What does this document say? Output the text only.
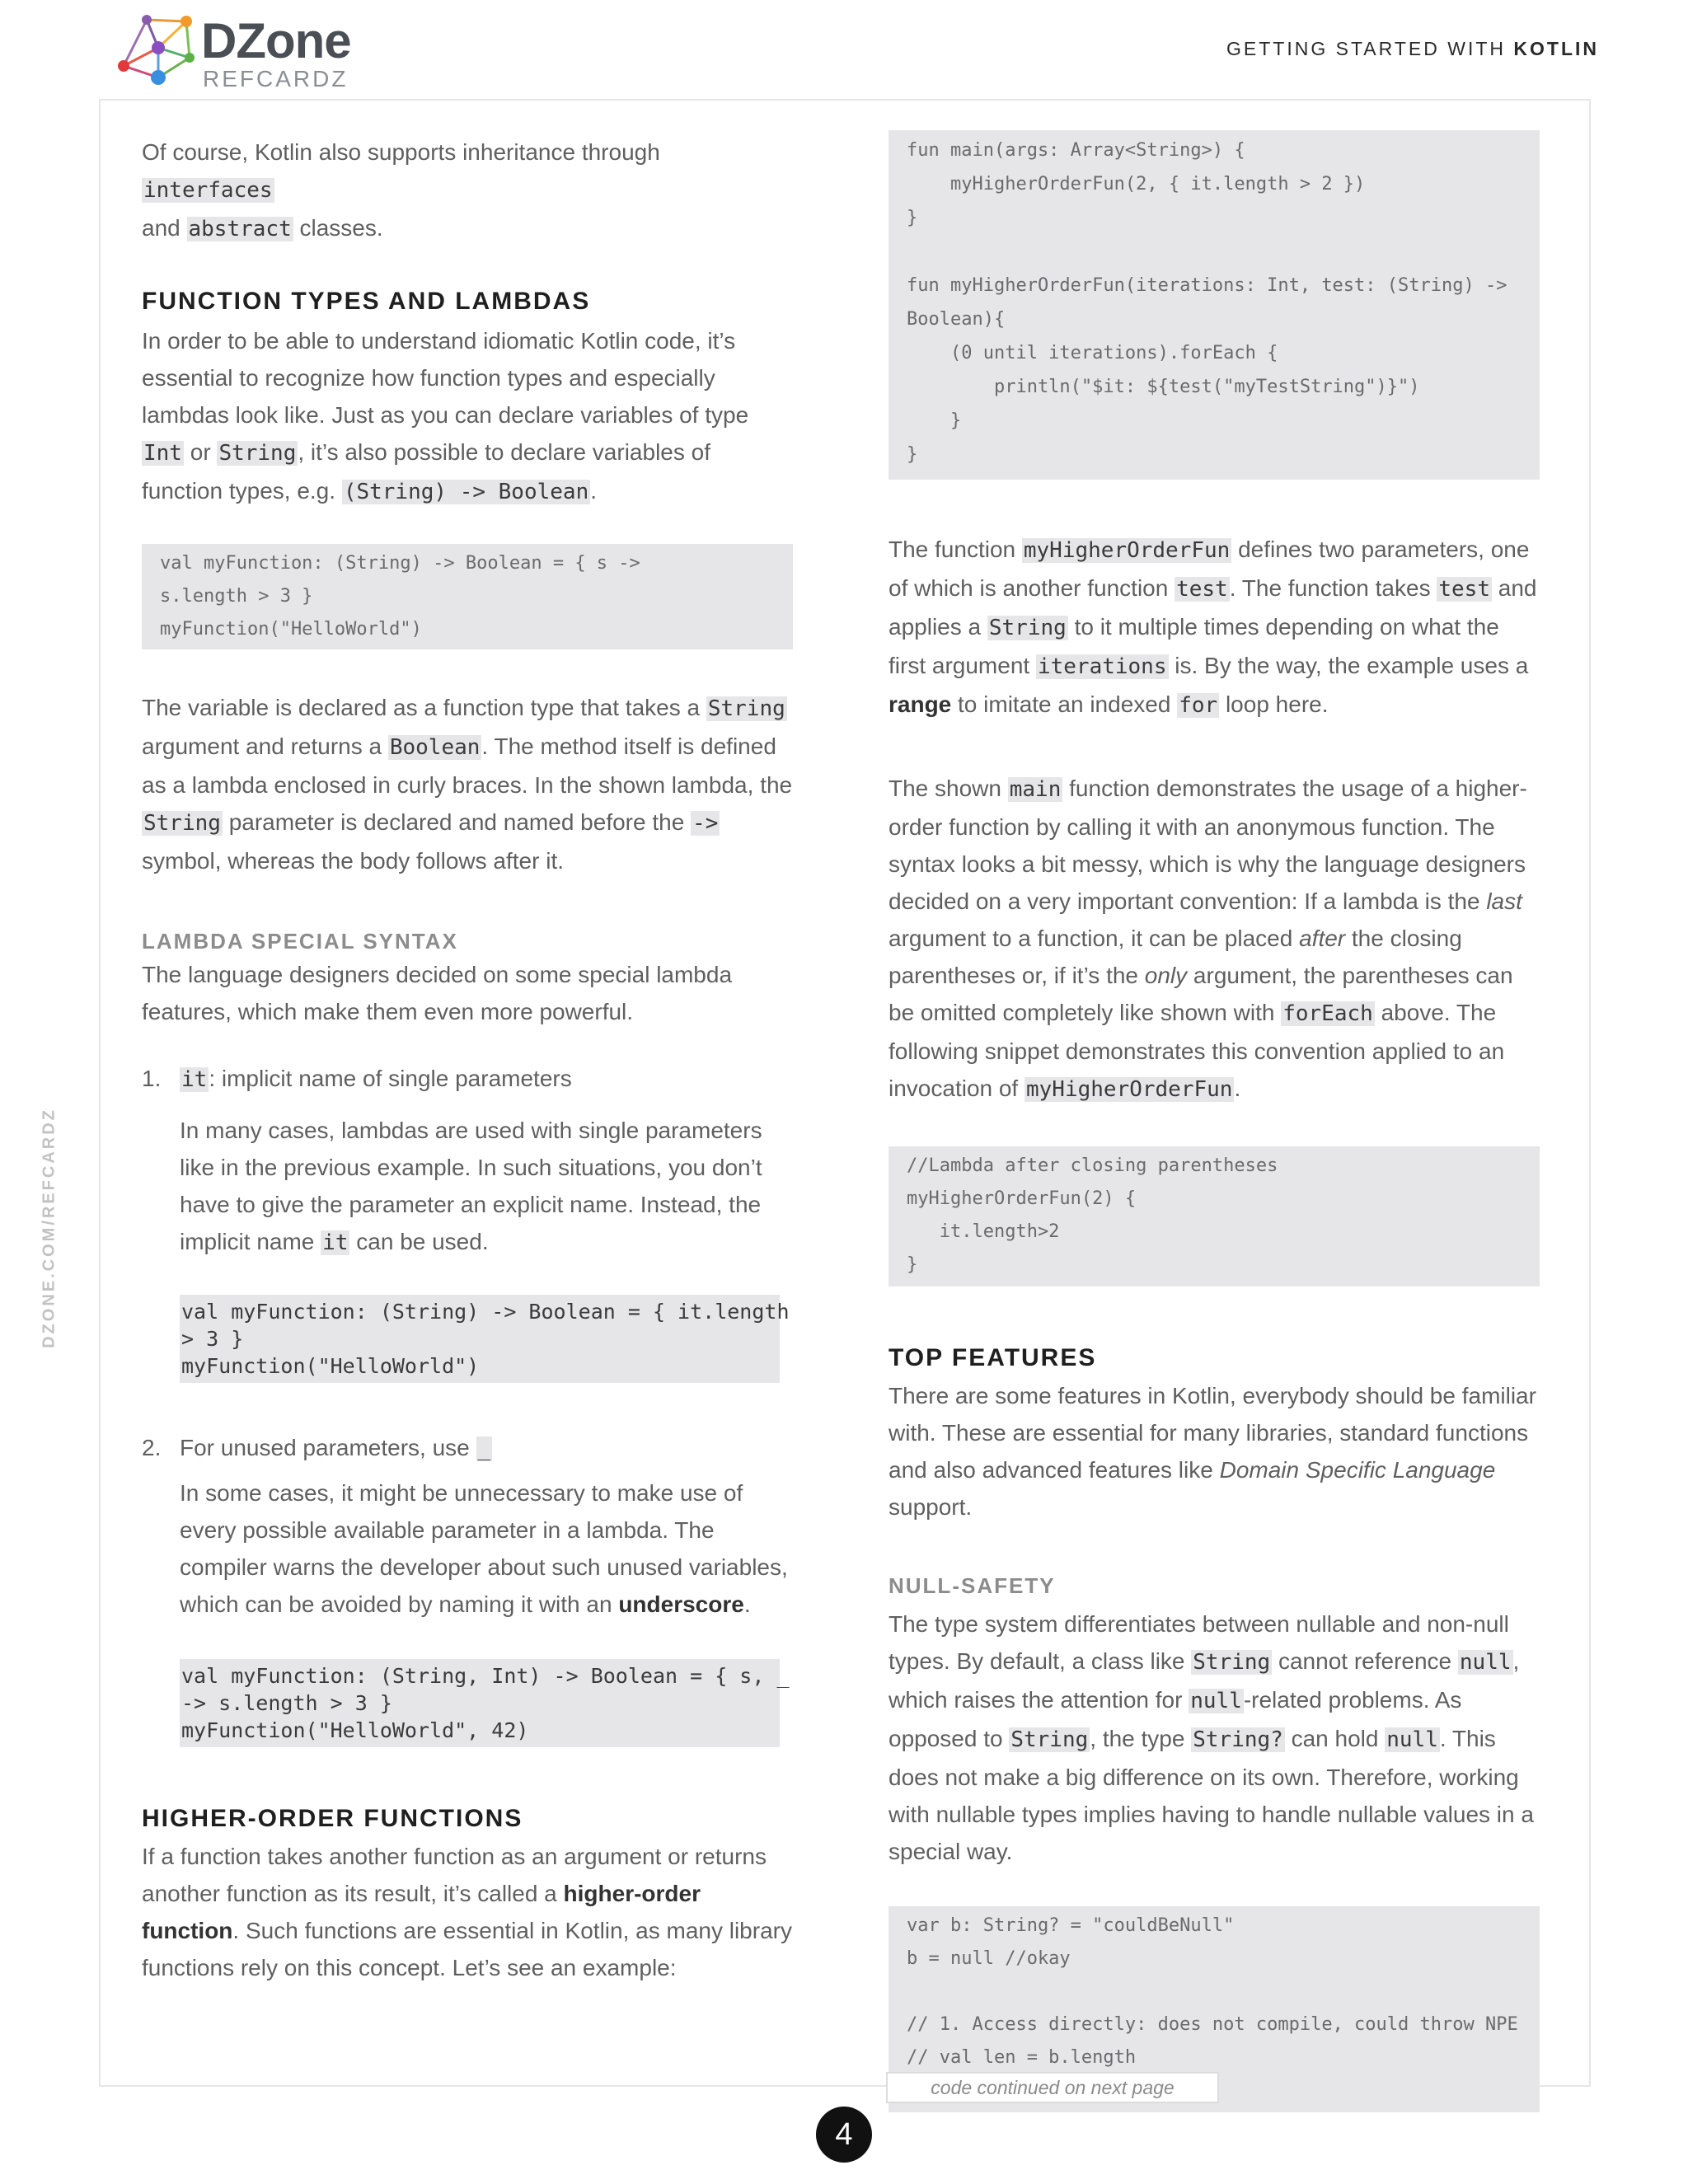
DZone
REFCARDZ
GETTING STARTED WITH KOTLIN
DZONE.COM/REFCARDZ

Of course, Kotlin also supports inheritance through interfaces
and abstract classes.

FUNCTION TYPES AND LAMBDAS

In order to be able to understand idiomatic Kotlin code, it’s essential to recognize how function types and especially lambdas look like. Just as you can declare variables of type Int or String, it’s also possible to declare variables of function types, e.g. (String) -> Boolean.

val myFunction: (String) -> Boolean = { s ->
s.length > 3 }
myFunction("HelloWorld")

The variable is declared as a function type that takes a String argument and returns a Boolean. The method itself is defined as a lambda enclosed in curly braces. In the shown lambda, the String parameter is declared and named before the -> symbol, whereas the body follows after it.

LAMBDA SPECIAL SYNTAX

The language designers decided on some special lambda features, which make them even more powerful.

1. it: implicit name of single parameters

In many cases, lambdas are used with single parameters like in the previous example. In such situations, you don’t have to give the parameter an explicit name. Instead, the implicit name it can be used.

val myFunction: (String) -> Boolean = { it.length
> 3 }
myFunction("HelloWorld")
2. For unused parameters, use _

In some cases, it might be unnecessary to make use of every possible available parameter in a lambda. The compiler warns the developer about such unused variables, which can be avoided by naming it with an underscore.

val myFunction: (String, Int) -> Boolean = { s, _
-> s.length > 3 }
myFunction("HelloWorld", 42)
HIGHER-ORDER FUNCTIONS

If a function takes another function as an argument or returns another function as its result, it’s called a higher-order function. Such functions are essential in Kotlin, as many library functions rely on this concept. Let’s see an example:

fun main(args: Array<String>) {
myHigherOrderFun(2, { it.length > 2 })
}

fun myHigherOrderFun(iterations: Int, test: (String) ->
Boolean){
(0 until iterations).forEach {
println("$it: ${test("myTestString")}")
}
}

The function myHigherOrderFun defines two parameters, one of which is another function test. The function takes test and applies a String to it multiple times depending on what the first argument iterations is. By the way, the example uses a range to imitate an indexed for loop here.

The shown main function demonstrates the usage of a higher-order function by calling it with an anonymous function. The syntax looks a bit messy, which is why the language designers decided on a very important convention: If a lambda is the last argument to a function, it can be placed after the closing parentheses or, if it’s the only argument, the parentheses can be omitted completely like shown with forEach above. The following snippet demonstrates this convention applied to an invocation of myHigherOrderFun.

//Lambda after closing parentheses
myHigherOrderFun(2) {
it.length>2
}
TOP FEATURES

There are some features in Kotlin, everybody should be familiar with. These are essential for many libraries, standard functions and also advanced features like Domain Specific Language support.

NULL-SAFETY

The type system differentiates between nullable and non-null types. By default, a class like String cannot reference null, which raises the attention for null-related problems. As opposed to String, the type String? can hold null. This does not make a big difference on its own. Therefore, working with nullable types implies having to handle nullable values in a special way.

var b: String? = "couldBeNull"
b = null //okay

// 1. Access directly: does not compile, could throw NPE
// val len = b.length
code continued on next page
4
